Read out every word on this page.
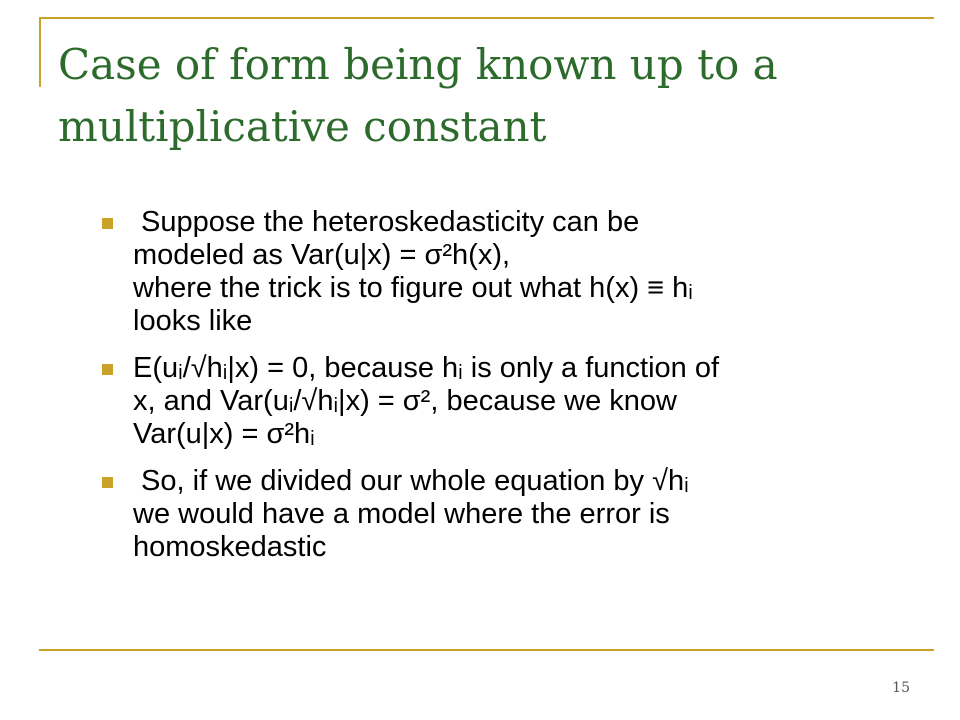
Case of form being known up to a multiplicative constant
Suppose the heteroskedasticity can be
modeled as Var(u|x) = σ²h(x),
where the trick is to figure out what h(x) ≡ hᵢ
looks like
E(uᵢ/√hᵢ|x) = 0, because hᵢ is only a function of
x, and Var(uᵢ/√hᵢ|x) = σ², because we know
Var(u|x) = σ²hᵢ
So, if we divided our whole equation by √hᵢ
we would have a model where the error is
homoskedastic
15
